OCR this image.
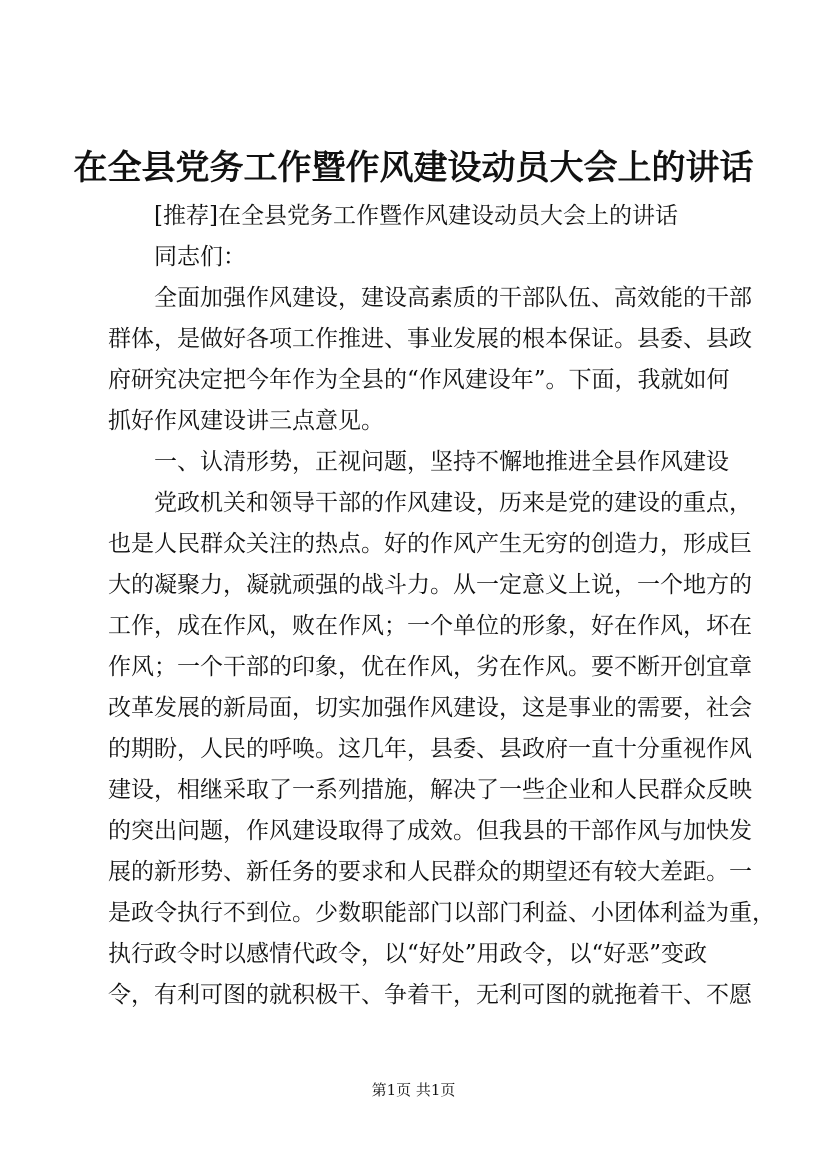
在全县党务工作暨作风建设动员大会上的讲话
[推荐]在全县党务工作暨作风建设动员大会上的讲话
同志们：
全面加强作风建设，建设高素质的干部队伍、高效能的干部
群体，是做好各项工作推进、事业发展的根本保证。县委、县政
府研究决定把今年作为全县的“作风建设年”。下面，我就如何
抓好作风建设讲三点意见。
一、认清形势，正视问题，坚持不懈地推进全县作风建设
党政机关和领导干部的作风建设，历来是党的建设的重点，
也是人民群众关注的热点。好的作风产生无穷的创造力，形成巨
大的凝聚力，凝就顽强的战斗力。从一定意义上说，一个地方的
工作，成在作风，败在作风；一个单位的形象，好在作风，坏在
作风；一个干部的印象，优在作风，劣在作风。要不断开创宜章
改革发展的新局面，切实加强作风建设，这是事业的需要，社会
的期盼，人民的呼唤。这几年，县委、县政府一直十分重视作风
建设，相继采取了一系列措施，解决了一些企业和人民群众反映
的突出问题，作风建设取得了成效。但我县的干部作风与加快发
展的新形势、新任务的要求和人民群众的期望还有较大差距。一
是政令执行不到位。少数职能部门以部门利益、小团体利益为重，
执行政令时以感情代政令，以“好处”用政令，以“好恶”变政
令，有利可图的就积极干、争着干，无利可图的就拖着干、不愿
第1页 共1页
